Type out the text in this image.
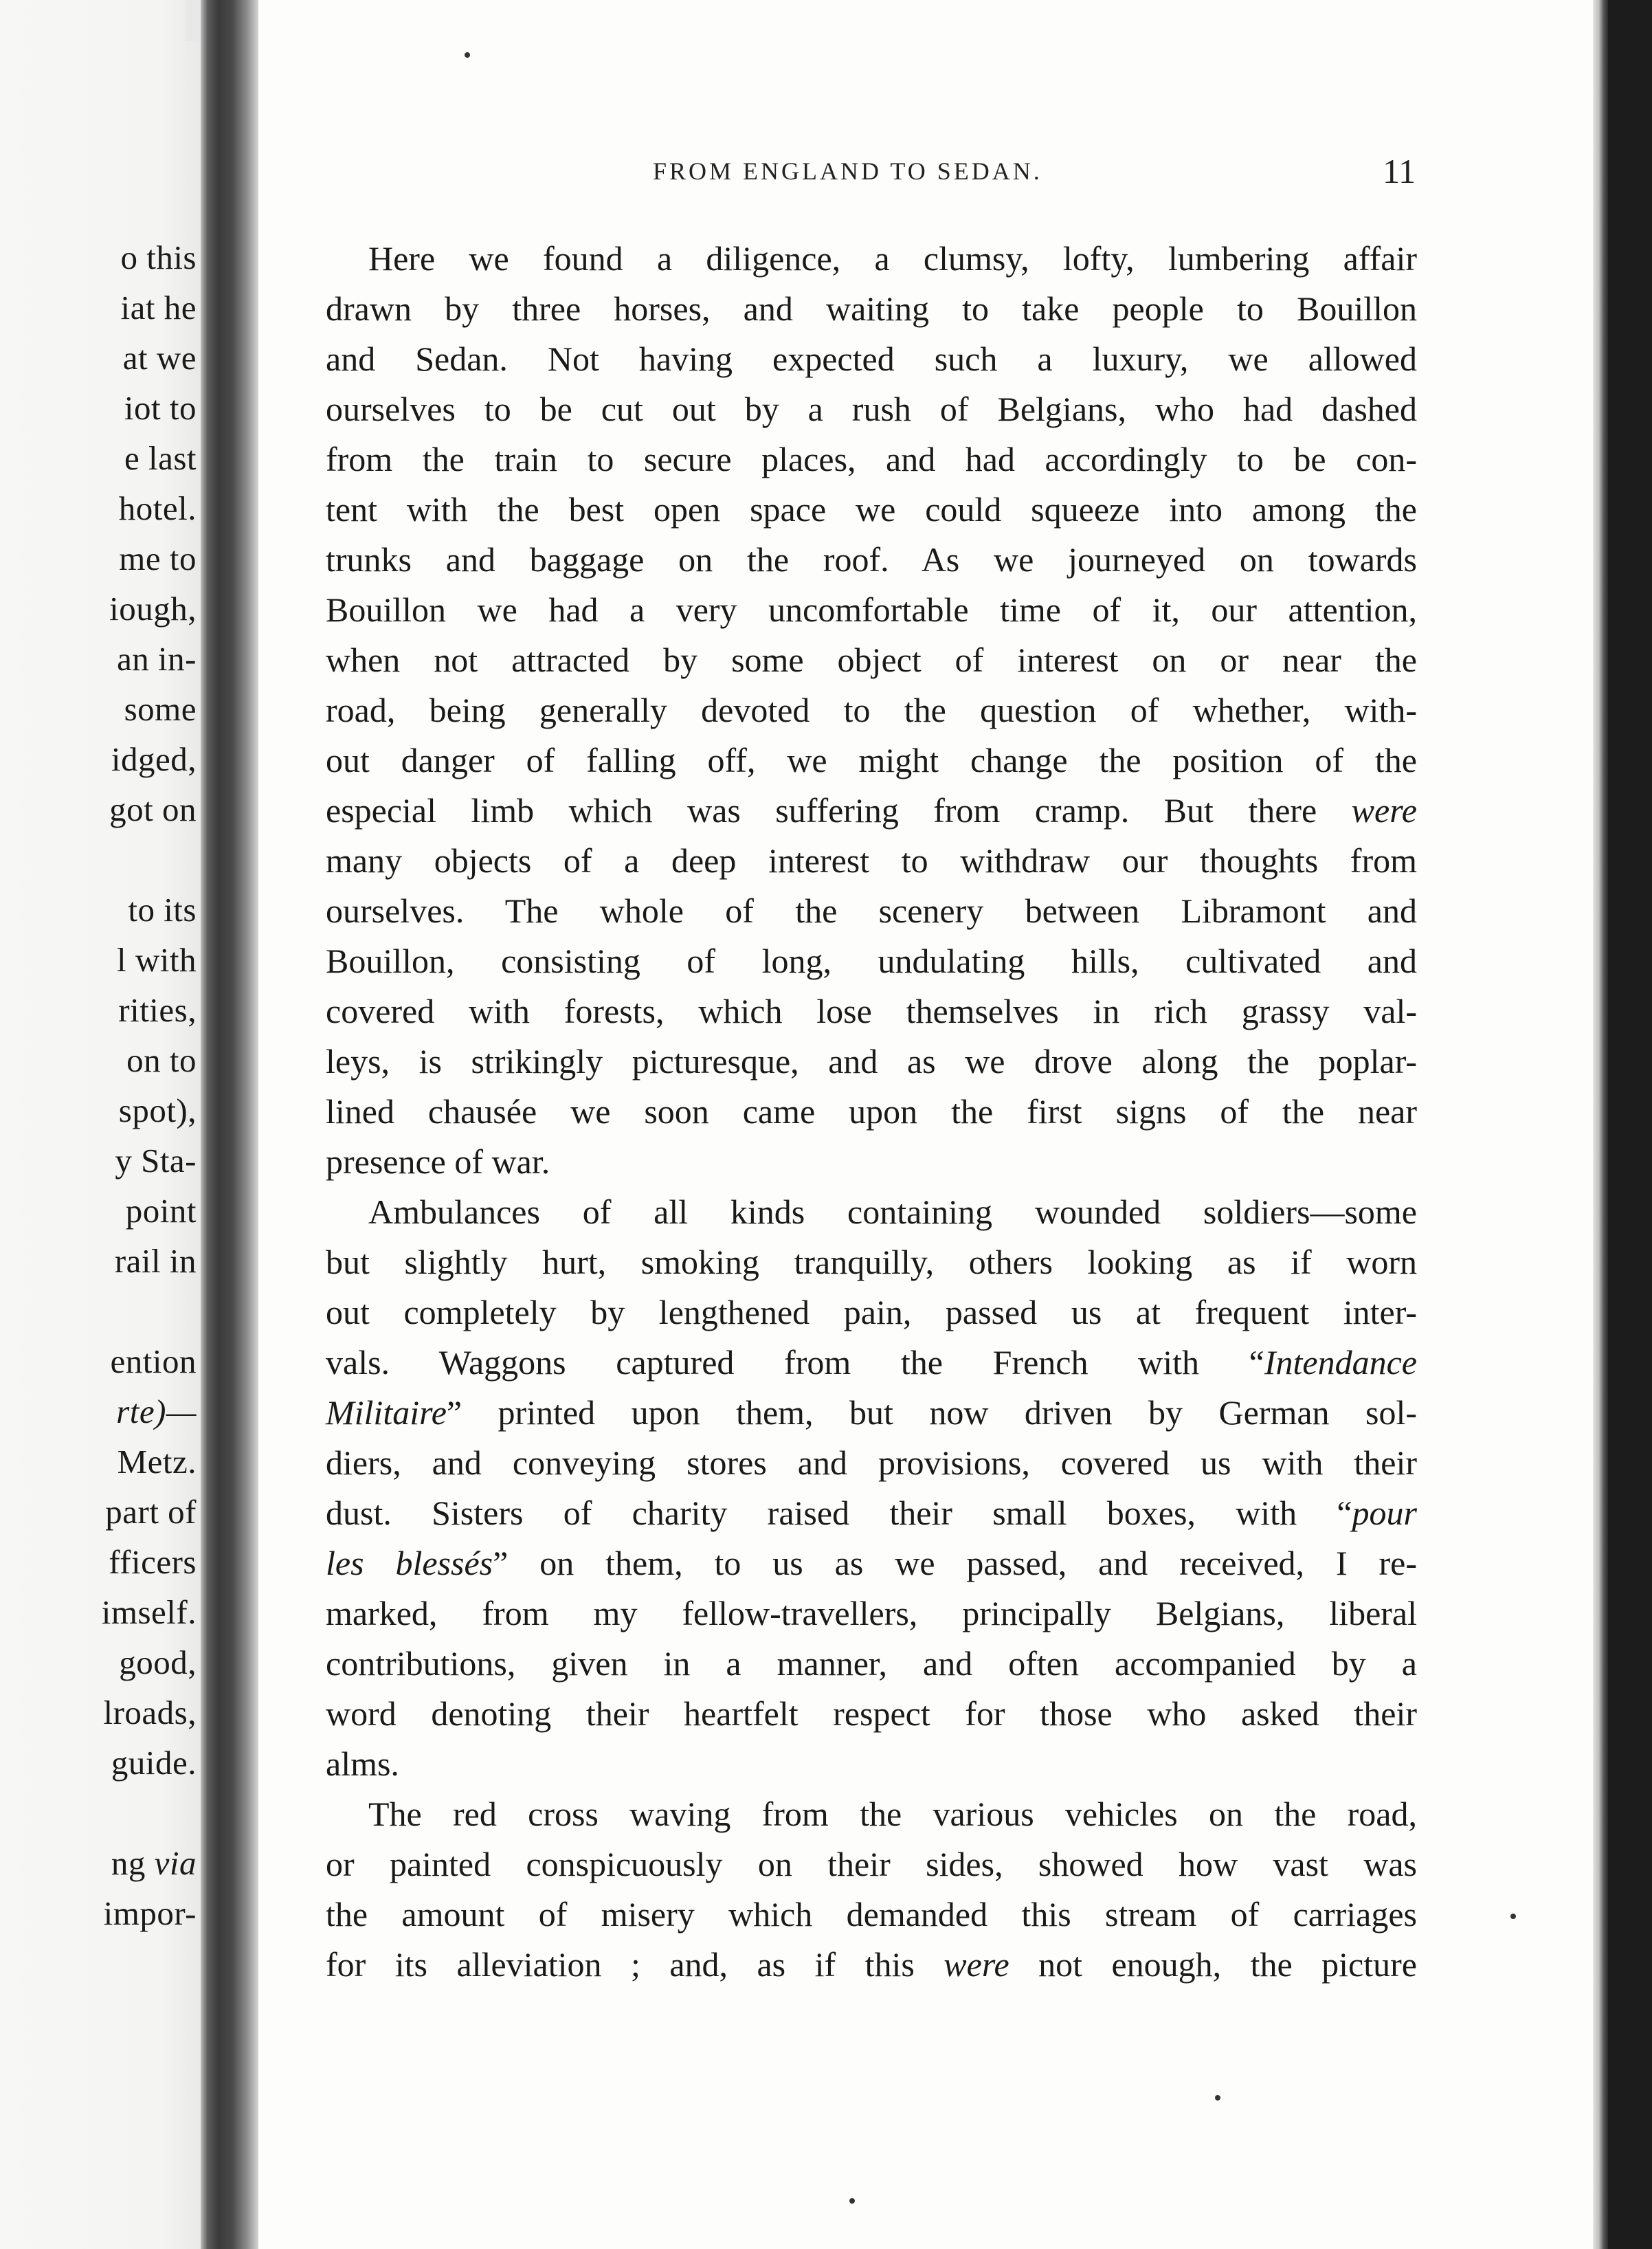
o this
iat he
at we
iot to
e last
hotel.
me to
iough,
an in-
some
idged,
got on

to its
l with
rities,
on to
spot),
y Sta-
point
rail in

ention
rte)—
Metz.
part of
fficers
imself.
good,
lroads,
guide.

ng via
impor-
FROM ENGLAND TO SEDAN.	11
Here we found a diligence, a clumsy, lofty, lumbering affair
drawn by three horses, and waiting to take people to Bouillon
and Sedan. Not having expected such a luxury, we allowed
ourselves to be cut out by a rush of Belgians, who had dashed
from the train to secure places, and had accordingly to be con-
tent with the best open space we could squeeze into among the
trunks and baggage on the roof. As we journeyed on towards
Bouillon we had a very uncomfortable time of it, our attention,
when not attracted by some object of interest on or near the
road, being generally devoted to the question of whether, with-
out danger of falling off, we might change the position of the
especial limb which was suffering from cramp. But there were
many objects of a deep interest to withdraw our thoughts from
ourselves. The whole of the scenery between Libramont and
Bouillon, consisting of long, undulating hills, cultivated and
covered with forests, which lose themselves in rich grassy val-
leys, is strikingly picturesque, and as we drove along the poplar-
lined chausée we soon came upon the first signs of the near
presence of war.
Ambulances of all kinds containing wounded soldiers—some
but slightly hurt, smoking tranquilly, others looking as if worn
out completely by lengthened pain, passed us at frequent inter-
vals. Waggons captured from the French with “Intendance
Militaire” printed upon them, but now driven by German sol-
diers, and conveying stores and provisions, covered us with their
dust. Sisters of charity raised their small boxes, with “pour
les blessés” on them, to us as we passed, and received, I re-
marked, from my fellow-travellers, principally Belgians, liberal
contributions, given in a manner, and often accompanied by a
word denoting their heartfelt respect for those who asked their
alms.
The red cross waving from the various vehicles on the road,
or painted conspicuously on their sides, showed how vast was
the amount of misery which demanded this stream of carriages
for its alleviation ; and, as if this were not enough, the picture
